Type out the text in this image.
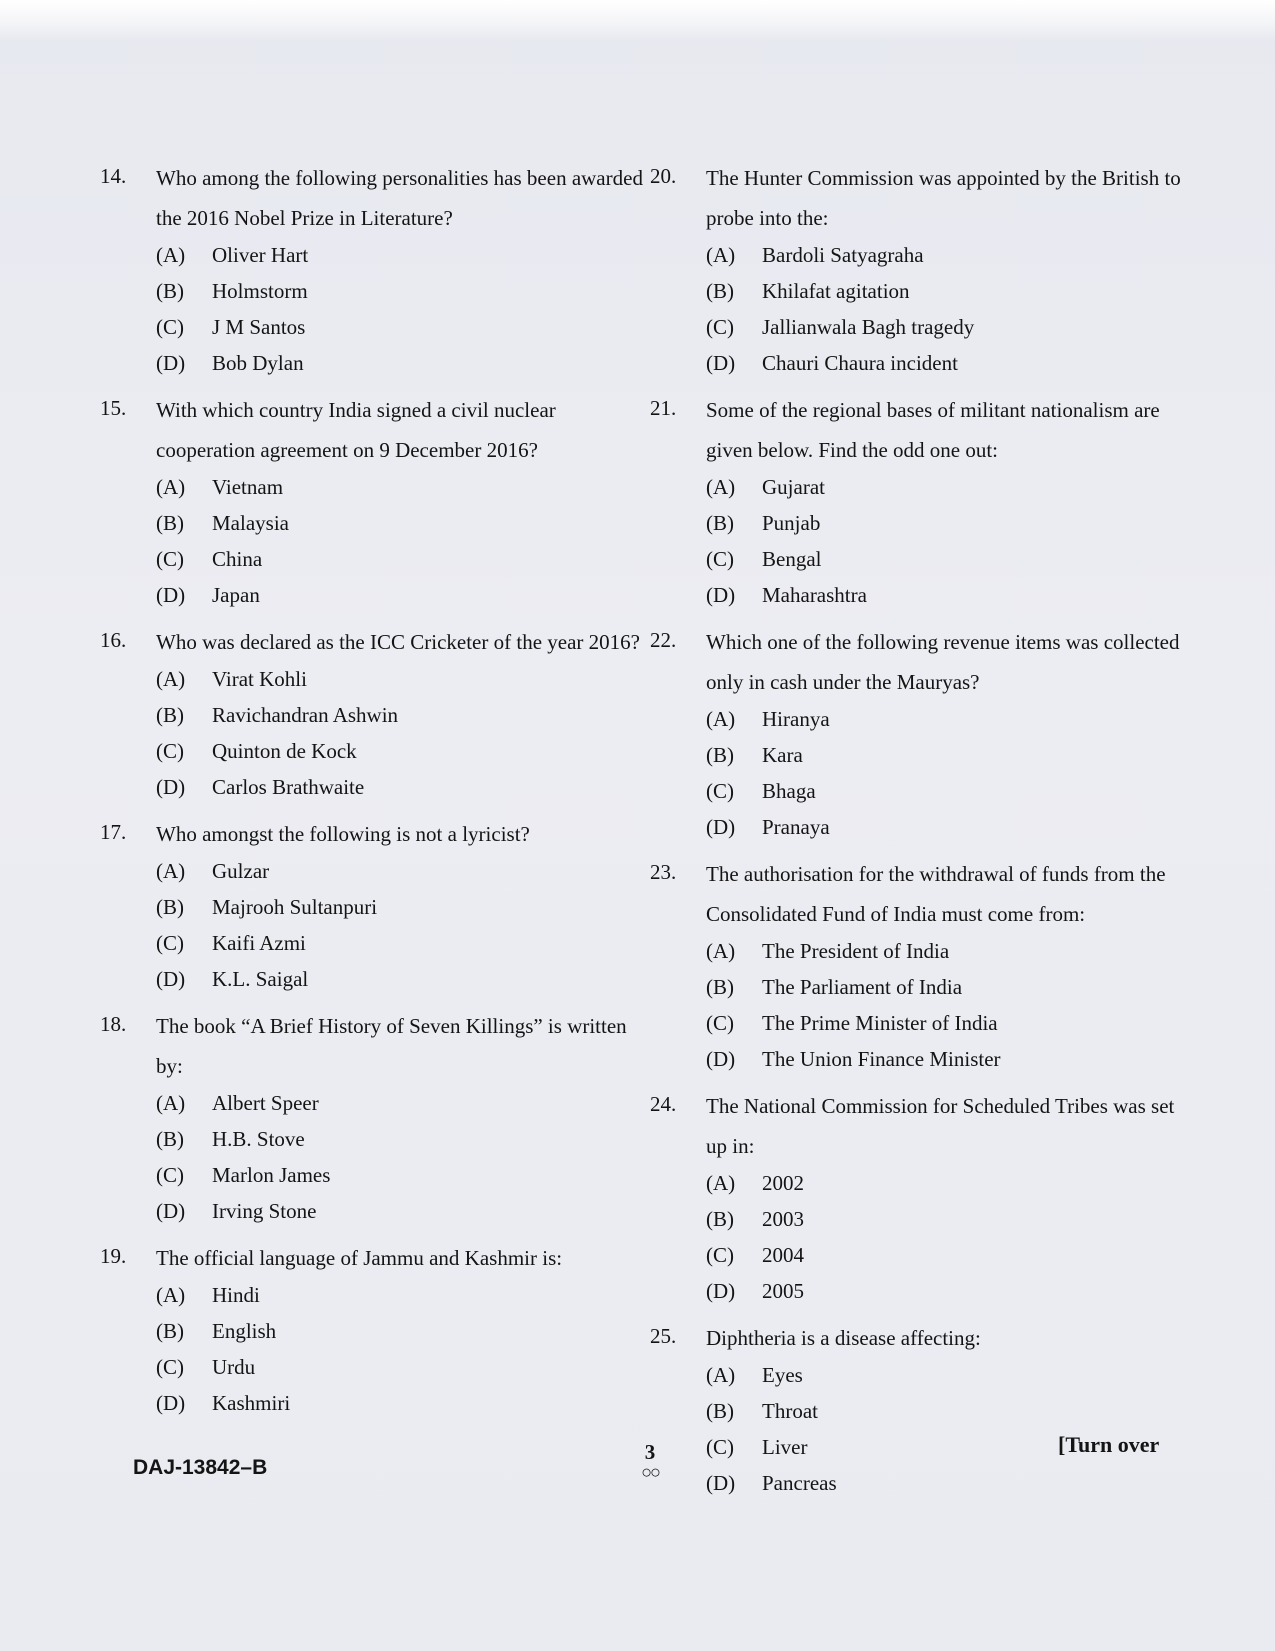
14. Who among the following personalities has been awarded the 2016 Nobel Prize in Literature?
(A)	Oliver Hart
(B)	Holmstorm
(C)	J M Santos
(D)	Bob Dylan
15. With which country India signed a civil nuclear cooperation agreement on 9 December 2016?
(A)	Vietnam
(B)	Malaysia
(C)	China
(D)	Japan
16. Who was declared as the ICC Cricketer of the year 2016?
(A)	Virat Kohli
(B)	Ravichandran Ashwin
(C)	Quinton de Kock
(D)	Carlos Brathwaite
17. Who amongst the following is not a lyricist?
(A)	Gulzar
(B)	Majrooh Sultanpuri
(C)	Kaifi Azmi
(D)	K.L. Saigal
18. The book “A Brief History of Seven Killings” is written by:
(A)	Albert Speer
(B)	H.B. Stove
(C)	Marlon James
(D)	Irving Stone
19. The official language of Jammu and Kashmir is:
(A)	Hindi
(B)	English
(C)	Urdu
(D)	Kashmiri
20. The Hunter Commission was appointed by the British to probe into the:
(A)	Bardoli Satyagraha
(B)	Khilafat agitation
(C)	Jallianwala Bagh tragedy
(D)	Chauri Chaura incident
21. Some of the regional bases of militant nationalism are given below. Find the odd one out:
(A)	Gujarat
(B)	Punjab
(C)	Bengal
(D)	Maharashtra
22. Which one of the following revenue items was collected only in cash under the Mauryas?
(A)	Hiranya
(B)	Kara
(C)	Bhaga
(D)	Pranaya
23. The authorisation for the withdrawal of funds from the Consolidated Fund of India must come from:
(A)	The President of India
(B)	The Parliament of India
(C)	The Prime Minister of India
(D)	The Union Finance Minister
24. The National Commission for Scheduled Tribes was set up in:
(A)	2002
(B)	2003
(C)	2004
(D)	2005
25. Diphtheria is a disease affecting:
(A)	Eyes
(B)	Throat
(C)	Liver
(D)	Pancreas
DAJ-13842–B
3
○○
[Turn over
